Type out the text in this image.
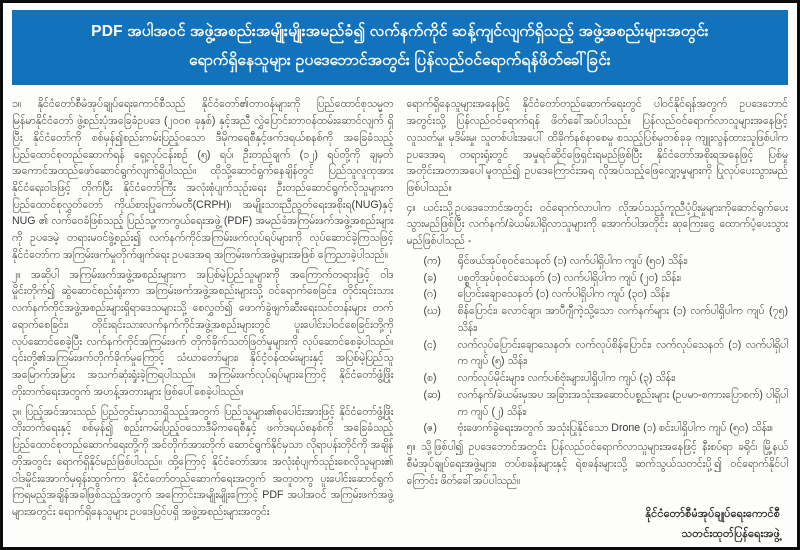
PDF အပါအဝင် အဖွဲ့အစည်းအမျိုးမျိုးအမည်ခံ၍ လက်နက်ကိုင် ဆန့်ကျင်လျက်ရှိသည့် အဖွဲ့အစည်းများအတွင်း
ရောက်ရှိနေသူများ ဥပဒေဘောင်အတွင်း ပြန်လည်ဝင်ရောက်ရန်ဖိတ်ခေါ်ခြင်း

၁။ နိုင်ငံတော်စီမံအုပ်ချုပ်ရေးကောင်စီသည် နိုင်ငံတော်၏တာဝန်များကို ပြည်ထောင်စုသမ္မတ မြန်မာနိုင်ငံတော် ဖွဲ့စည်းပုံအခြေခံဥပဒေ (၂၀၀၈ ခုနှစ်) နှင့်အညီ လွှဲပြောင်းတာဝန်ထမ်းဆောင်လျက် ရှိပြီး နိုင်ငံတော်ကို စစ်မှန်၍စည်းကမ်းပြည့်ဝသော ဒီမိုကရေစီနှင့်ဖက်ဒရယ်စနစ်ကို အခြေခံသည့် ပြည်ထောင်စုတည်ဆောက်ရန် ရှေ့လုပ်ငန်းစဉ် (၅) ရပ်၊ ဦးတည်ချက် (၁၂) ရပ်တို့ကို ချမှတ်အကောင်အထည်ဖော်ဆောင်ရွက်လျက်ရှိပါသည်။ ထိုသို့ဆောင်ရွက်နေချိန်တွင် ပြည်သူလူထုအား နိုင်ငံရေးဝါဒဖြင့် တိုက်ပြီး နိုင်ငံတော်ကြီး အလုံးစုံပျက်သုဉ်းရေး ဦးတည်ဆောင်ရွက်လိုသူများက ပြည်ထောင်စုလွှတ်တော် ကိုယ်စားပြုကော်မတီ(CRPH)၊ အမျိုးသားညီညွတ်ရေးအစိုးရ(NUG)နှင့် NUG ၏ လက်ဝေခံဖြစ်သည့် ပြည်သူ့ကာကွယ်ရေးအဖွဲ့ (PDF) အမည်ခံအကြမ်းဖက်အဖွဲ့အစည်းများကို ဥပဒေမဲ့ တရားမဝင်ဖွဲ့စည်း၍ လက်နက်ကိုင်အကြမ်းဖက်လုပ်ရပ်များကို လုပ်ဆောင်ခဲ့ကြသဖြင့် နိုင်ငံတော်က အကြမ်းဖက်မှုတိုက်ဖျက်ရေး ဥပဒေအရ အကြမ်းဖက်အဖွဲ့များအဖြစ် ကြေညာခဲ့ပါသည်။

၂။ အဆိုပါ အကြမ်းဖက်အဖွဲ့အစည်းများက အပြစ်မဲ့ပြည်သူများကို အကြောက်တရားဖြင့် ဝါဒမှိုင်းတိုက်၍ ဆွဲဆောင်စည်းရုံးကာ အကြမ်းဖက်အဖွဲ့အစည်းများသို့ ဝင်ရောက်စေခြင်း၊ တိုင်းရင်းသား လက်နက်ကိုင်အဖွဲ့အစည်းများရှိရာဒေသများသို့ စေလွှတ်၍ ဖောက်ခွဲဖျက်ဆီးရေးသင်တန်းများ တက်ရောက်စေခြင်း၊ တိုင်းရင်းသားလက်နက်ကိုင်အဖွဲ့အစည်းများတွင် ပူးပေါင်းပါဝင်စေခြင်းတို့ကို လုပ်ဆောင်စေခဲ့ပြီး လက်နက်ကိုင်အကြမ်းဖက် တိုက်ခိုက်သတ်ဖြတ်မှုများကို လုပ်ဆောင်စေခဲ့ပါသည်။ ၎င်းတို့၏အကြမ်းဖက်တိုက်ခိုက်မှုကြောင့် သံဃာတော်များ၊ နိုင်ငံ့ဝန်ထမ်းများနှင့် အပြစ်မဲ့ပြည်သူအမြောက်အမြား အသက်ဆုံးရှုံးခဲ့ကြရပါသည်။ အကြမ်းဖက်လုပ်ရပ်များကြောင့် နိုင်ငံတော်ဖွံ့ဖြိုးတိုးတက်ရေးအတွက် အဟန့်အတားများ ဖြစ်ပေါ်စေခဲ့ပါသည်။

၃။ ပြည့်အင်အားသည် ပြည်တွင်းမှာသာရှိသည့်အတွက် ပြည်သူများ၏စုပေါင်းအားဖြင့် နိုင်ငံတော်ဖွံ့ဖြိုးတိုးတက်ရေးနှင့် စစ်မှန်၍ စည်းကမ်းပြည့်ဝသောဒီမိုကရေစီနှင့် ဖက်ဒရယ်စနစ်ကို အခြေခံသည့် ပြည်ထောင်စုတည်ဆောက်ရေးတို့ကို အင်တိုက်အားတိုက် ဆောင်ရွက်နိုင်မှသာ လိုရာပန်းတိုင်ကို အချိန်တိုအတွင်း ရောက်ရှိနိုင်မည်ဖြစ်ပါသည်။ ထို့ကြောင့် နိုင်ငံတော်အား အလုံးစုံပျက်သုဉ်းစေလိုသူများ၏ ဝါဒမှိုင်းအောက်မှရုန်းထွက်ကာ နိုင်ငံတော်တည်ဆောက်ရေးအတွက် အတူတကွ ပူးပေါင်းဆောင်ရွက်ကြရမည့်အချိန်အခါဖြစ်သည့်အတွက် အကြောင်းအမျိုးမျိုးကြောင့် PDF အပါအဝင် အကြမ်းဖက်အဖွဲ့များအတွင်း ရောက်ရှိနေသူများ ဥပဒေပြင်ပရှိ အဖွဲ့အစည်းများအတွင်း

ရောက်ရှိနေသူများအနေဖြင့် နိုင်ငံတော်တည်ဆောက်ရေးတွင် ပါဝင်နိုင်ရန်အတွက် ဥပဒေဘောင်အတွင်းသို့ ပြန်လည်ဝင်ရောက်ရန် ဖိတ်ခေါ်အပ်ပါသည်။ ပြန်လည်ဝင်ရောက်လာသူများအနေဖြင့် လူသတ်မှု၊ မုဒိမ်းမှု၊ သူတစ်ပါးအပေါ် ထိခိုက်နစ်နာစေမှု စသည့်ပြစ်မှုတစ်ခုခု ကျူးလွန်ထားသူဖြစ်ပါက ဥပဒေအရ တရားရုံးတွင် အမှုရင်ဆိုင်ဖြေရှင်းရမည်ဖြစ်ပြီး နိုင်ငံတော်အစိုးရအနေဖြင့် ပြစ်မှုအတိုင်းအတာအပေါ်မူတည်၍ ဥပဒေကြောင်းအရ လိုအပ်သည့်ဖြေလျှော့မှုများကို ပြုလုပ်ပေးသွားမည်ဖြစ်ပါသည်။

၄။ ယင်းသို့ဥပဒေဘောင်အတွင်း ဝင်ရောက်လာပါက လိုအပ်သည့်ကူညီပံ့ပိုးမှုများကိုဆောင်ရွက်ပေးသွားမည်ဖြစ်ပြီး လက်နက်/ခဲယမ်းပါရှိလာသူများကို အောက်ပါအတိုင်း ဆုကြေးငွေ ထောက်ပံ့ပေးသွားမည်ဖြစ်ပါသည် -

(က)	ရိုင်ဖယ်အုပ်စုဝင်သေနတ် (၁) လက်ပါရှိပါက ကျပ် (၅၀) သိန်း၊
(ခ)	ပစ္စတိုအုပ်စုဝင်သေနတ် (၁) လက်ပါရှိပါက ကျပ် (၂၀) သိန်း၊
(ဂ)	ပြောင်းချောသေနတ် (၁) လက်ပါရှိပါက ကျပ် (၃၀) သိန်း၊
(ဃ)	စိန်ပြောင်း၊ လောင်ချာ၊ အာပီဂျီကဲ့သို့သော လက်နက်များ (၁) လက်ပါရှိပါက ကျပ် (၇၅) သိန်း၊
(င)	လက်လုပ်ပြောင်းချောသေနတ်၊ လက်လုပ်စိန်ပြောင်း၊ လက်လုပ်သေနတ် (၁) လက်ပါရှိပါက ကျပ် (၅) သိန်း၊
(စ)	လက်လုပ်မိုင်းများ၊ လက်ပစ်ဗုံးများပါရှိပါက ကျပ် (၃) သိန်း၊
(ဆ)	လက်နက်/ခဲယမ်းမှအပ အခြားအသုံးအဆောင်ပစ္စည်းများ (ဥပမာ-စကားပြောစက်) ပါရှိပါက ကျပ် (၂) သိန်း၊
(ဇ)	ဗုံးဖောက်ခွဲရေးအတွက် အသုံးပြုနိုင်သော Drone (၁) စင်းပါရှိပါက ကျပ် (၅၀) သိန်း။

၅။ သို့ဖြစ်ပါ၍ ဥပဒေဘောင်အတွင်း ပြန်လည်ဝင်ရောက်လာသူများအနေဖြင့် နီးစပ်ရာ ခရိုင်၊ မြို့နယ် စီမံအုပ်ချုပ်ရေးအဖွဲ့များ၊ တပ်စခန်းများနှင့် ရဲစခန်းများသို့ ဆက်သွယ်သတင်းပို့၍ ဝင်ရောက်နိုင်ပါကြောင်း ဖိတ်ခေါ်အပ်ပါသည်။

နိုင်ငံတော်စီမံအုပ်ချုပ်ရေးကောင်စီ
သတင်းထုတ်ပြန်ရေးအဖွဲ့
